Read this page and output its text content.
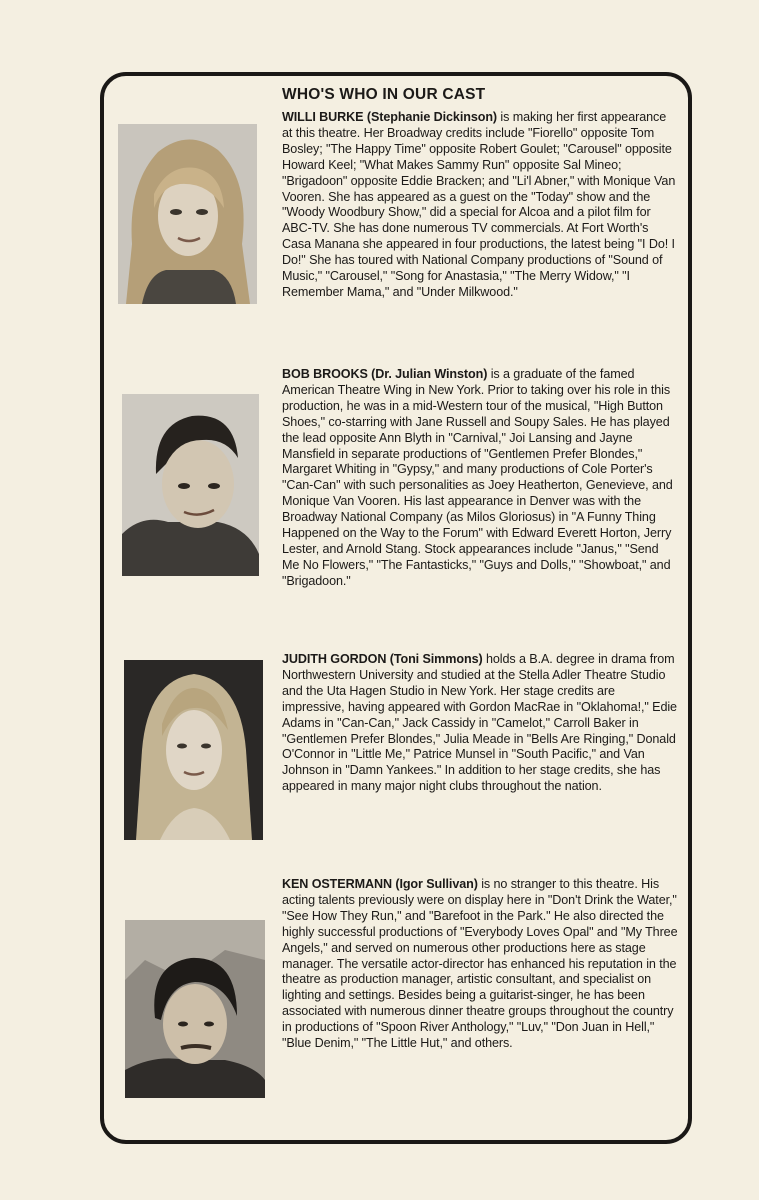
WHO'S WHO IN OUR CAST

WILLI BURKE (Stephanie Dickinson) is making her first appearance at this theatre. Her Broadway credits include "Fiorello" opposite Tom Bosley; "The Happy Time" opposite Robert Goulet; "Carousel" opposite Howard Keel; "What Makes Sammy Run" opposite Sal Mineo; "Brigadoon" opposite Eddie Bracken; and "Li'l Abner," with Monique Van Vooren. She has appeared as a guest on the "Today" show and the "Woody Woodbury Show," did a special for Alcoa and a pilot film for ABC-TV. She has done numerous TV commercials. At Fort Worth's Casa Manana she appeared in four productions, the latest being "I Do! I Do!" She has toured with National Company productions of "Sound of Music," "Carousel," "Song for Anastasia," "The Merry Widow," "I Remember Mama," and "Under Milkwood."

BOB BROOKS (Dr. Julian Winston) is a graduate of the famed American Theatre Wing in New York. Prior to taking over his role in this production, he was in a mid-Western tour of the musical, "High Button Shoes," co-starring with Jane Russell and Soupy Sales. He has played the lead opposite Ann Blyth in "Carnival," Joi Lansing and Jayne Mansfield in separate productions of "Gentlemen Prefer Blondes," Margaret Whiting in "Gypsy," and many productions of Cole Porter's "Can-Can" with such personalities as Joey Heatherton, Genevieve, and Monique Van Vooren. His last appearance in Denver was with the Broadway National Company (as Milos Gloriosus) in "A Funny Thing Happened on the Way to the Forum" with Edward Everett Horton, Jerry Lester, and Arnold Stang. Stock appearances include "Janus," "Send Me No Flowers," "The Fantasticks," "Guys and Dolls," "Showboat," and "Brigadoon."

JUDITH GORDON (Toni Simmons) holds a B.A. degree in drama from Northwestern University and studied at the Stella Adler Theatre Studio and the Uta Hagen Studio in New York. Her stage credits are impressive, having appeared with Gordon MacRae in "Oklahoma!," Edie Adams in "Can-Can," Jack Cassidy in "Camelot," Carroll Baker in "Gentlemen Prefer Blondes," Julia Meade in "Bells Are Ringing," Donald O'Connor in "Little Me," Patrice Munsel in "South Pacific," and Van Johnson in "Damn Yankees." In addition to her stage credits, she has appeared in many major night clubs throughout the nation.

KEN OSTERMANN (Igor Sullivan) is no stranger to this theatre. His acting talents previously were on display here in "Don't Drink the Water," "See How They Run," and "Barefoot in the Park." He also directed the highly successful productions of "Everybody Loves Opal" and "My Three Angels," and served on numerous other productions here as stage manager. The versatile actor-director has enhanced his reputation in the theatre as production manager, artistic consultant, and specialist on lighting and settings. Besides being a guitarist-singer, he has been associated with numerous dinner theatre groups throughout the country in productions of "Spoon River Anthology," "Luv," "Don Juan in Hell," "Blue Denim," "The Little Hut," and others.
